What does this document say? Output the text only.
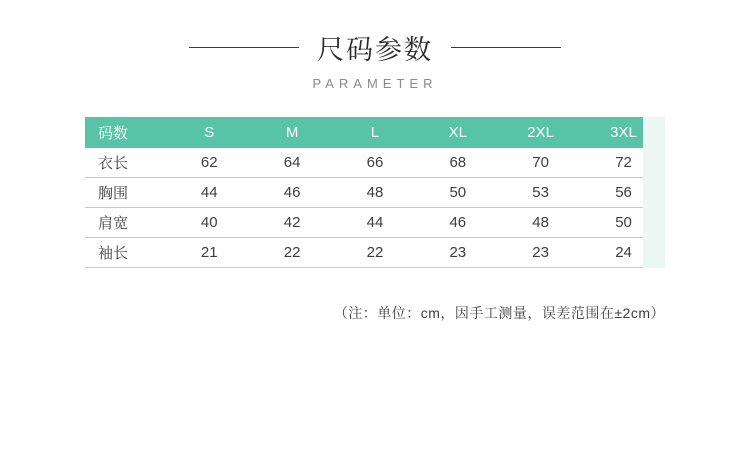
尺码参数
PARAMETER
码数	S	M	L	XL	2XL	3XL
衣长	62	64	66	68	70	72
胸围	44	46	48	50	53	56
肩宽	40	42	44	46	48	50
袖长	21	22	22	23	23	24
（注：单位：cm，因手工测量，误差范围在±2cm）
